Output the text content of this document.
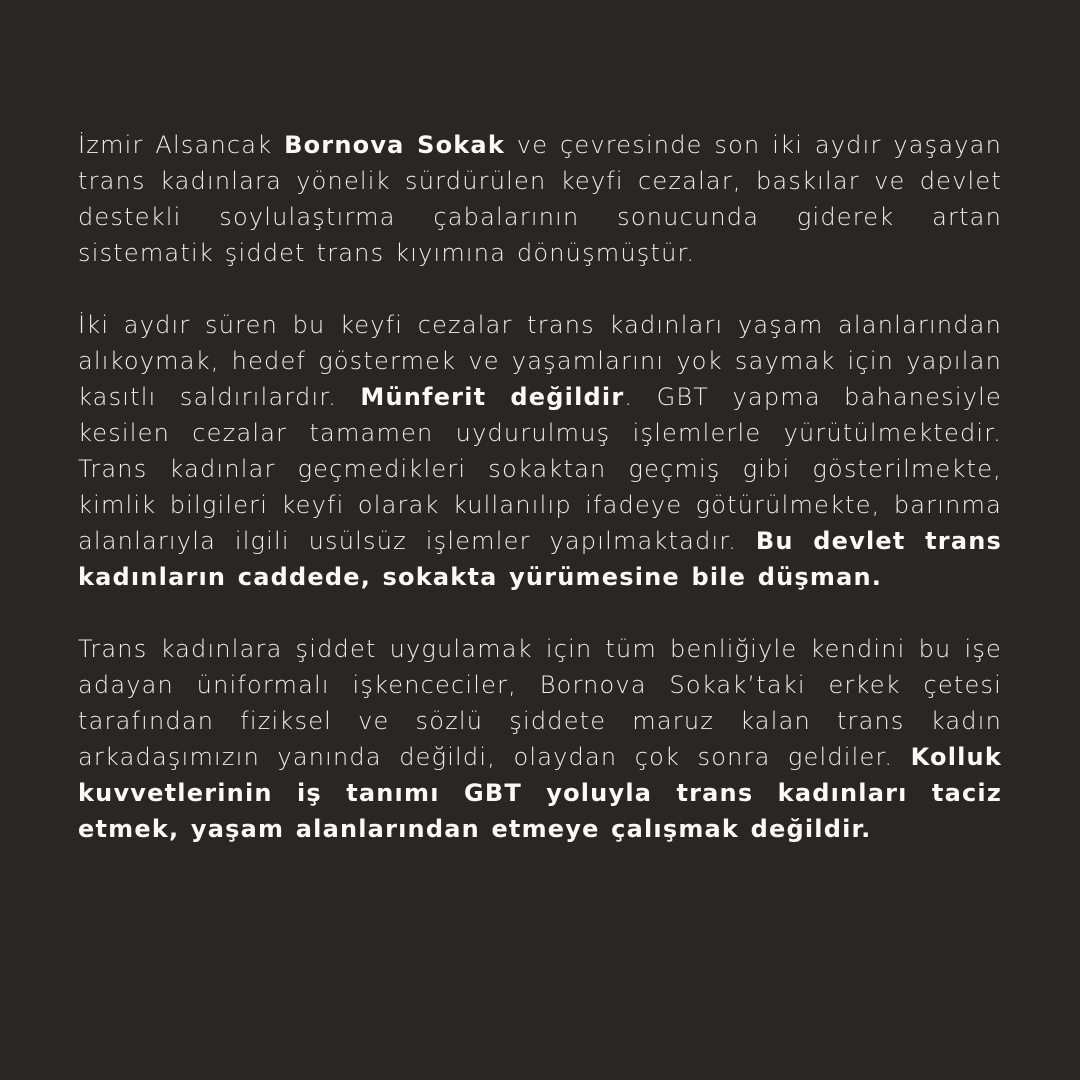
İzmir Alsancak Bornova Sokak ve çevresinde son iki aydır yaşayan trans kadınlara yönelik sürdürülen keyfi cezalar, baskılar ve devlet destekli soylulaştırma çabalarının sonucunda giderek artan sistematik şiddet trans kıyımına dönüşmüştür.

İki aydır süren bu keyfi cezalar trans kadınları yaşam alanlarından alıkoymak, hedef göstermek ve yaşamlarını yok saymak için yapılan kasıtlı saldırılardır. Münferit değildir. GBT yapma bahanesiyle kesilen cezalar tamamen uydurulmuş işlemlerle yürütülmektedir. Trans kadınlar geçmedikleri sokaktan geçmiş gibi gösterilmekte, kimlik bilgileri keyfi olarak kullanılıp ifadeye götürülmekte, barınma alanlarıyla ilgili usülsüz işlemler yapılmaktadır. Bu devlet trans kadınların caddede, sokakta yürümesine bile düşman.

Trans kadınlara şiddet uygulamak için tüm benliğiyle kendini bu işe adayan üniformalı işkenceciler, Bornova Sokak’taki erkek çetesi tarafından fiziksel ve sözlü şiddete maruz kalan trans kadın arkadaşımızın yanında değildi, olaydan çok sonra geldiler. Kolluk kuvvetlerinin iş tanımı GBT yoluyla trans kadınları taciz etmek, yaşam alanlarından etmeye çalışmak değildir.
